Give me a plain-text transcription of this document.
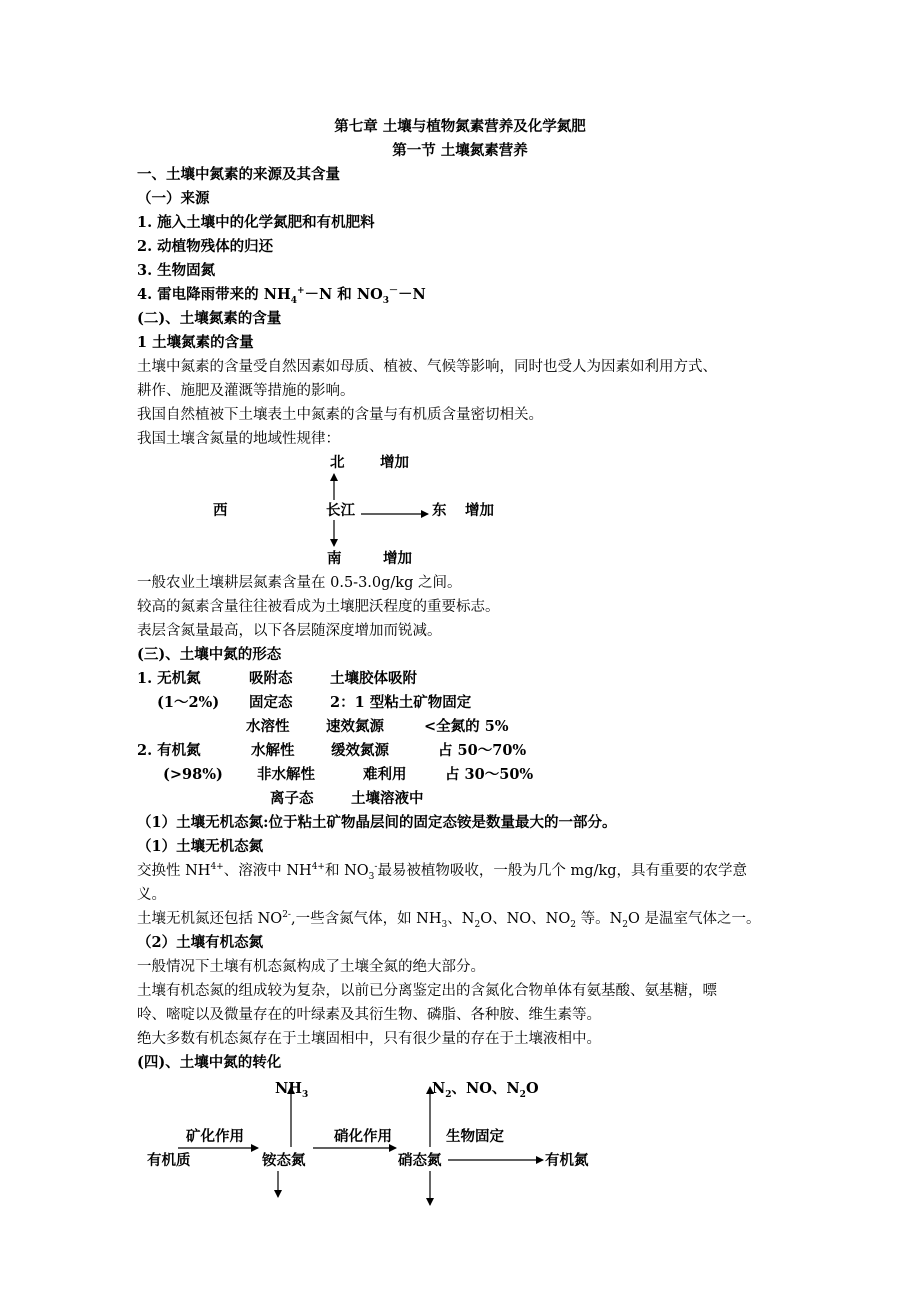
第七章 土壤与植物氮素营养及化学氮肥
第一节 土壤氮素营养
一、土壤中氮素的来源及其含量
（一）来源
1. 施入土壤中的化学氮肥和有机肥料
2. 动植物残体的归还
3. 生物固氮
4. 雷电降雨带来的 $NH_4^+-N$ 和 $NO_3^--N$
(二)、土壤氮素的含量
1 土壤氮素的含量
土壤中氮素的含量受自然因素如母质、植被、气候等影响，同时也受人为因素如利用方式、
耕作、施肥及灌溉等措施的影响。
我国自然植被下土壤表土中氮素的含量与有机质含量密切相关。
我国土壤含氮量的地域性规律：
北 增加
西	长江	东 增加
南	增加
一般农业土壤耕层氮素含量在 0.5-3.0g/kg 之间。
较高的氮素含量往往被看成为土壤肥沃程度的重要标志。
表层含氮量最高，以下各层随深度增加而锐减。
(三)、土壤中氮的形态
1. 无机氮	吸附态	土壤胶体吸附
(1～2%) 固定态	2：1 型粘土矿物固定
水溶性	速效氮源	<全氮的 5%
2. 有机氮	水解性	缓效氮源	占 50～70%
(>98%) 非水解性	难利用	占 30～50%
离子态	土壤溶液中
（1）土壤无机态氮:位于粘土矿物晶层间的固定态铵是数量最大的一部分。
（1）土壤无机态氮
交换性 $NH^{4+}$、溶液中 $NH^{4+}$和 $NO_3^-$最易被植物吸收，一般为几个 mg/kg，具有重要的农学意
义。
土壤无机氮还包括 $NO^{2-}$,一些含氮气体，如 $NH_3$、$N_2O$、NO、$NO_2$ 等。$N_2O$ 是温室气体之一。
（2）土壤有机态氮
一般情况下土壤有机态氮构成了土壤全氮的绝大部分。
土壤有机态氮的组成较为复杂，以前已分离鉴定出的含氮化合物单体有氨基酸、氨基糖，嘌
呤、嘧啶以及微量存在的叶绿素及其衍生物、磷脂、各种胺、维生素等。
绝大多数有机态氮存在于土壤固相中，只有很少量的存在于土壤液相中。
(四)、土壤中氮的转化
$NH_3$	$N_2$、NO、$N_2O$
矿化作用	硝化作用	生物固定
有机质	铵态氮	硝态氮	有机氮
